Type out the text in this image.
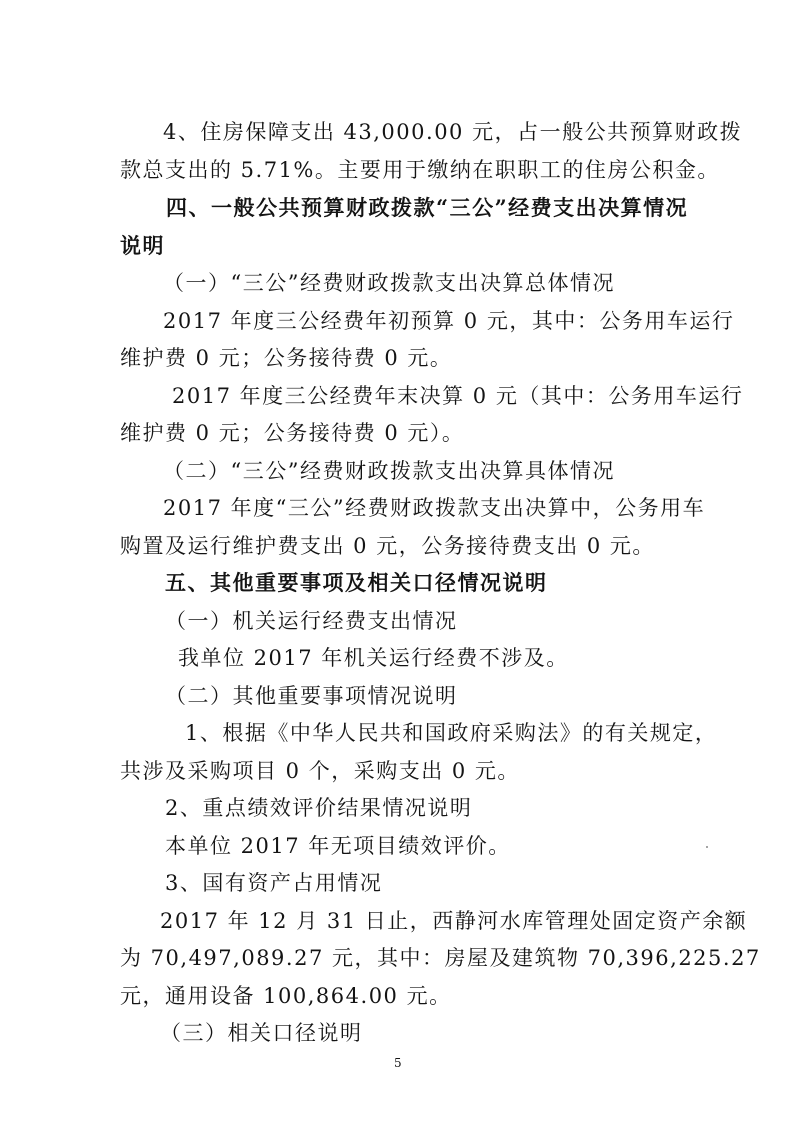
4、住房保障支出 43,000.00 元，占一般公共预算财政拨

款总支出的 5.71%。主要用于缴纳在职职工的住房公积金。

四、一般公共预算财政拨款“三公”经费支出决算情况

说明

（一）“三公”经费财政拨款支出决算总体情况

2017 年度三公经费年初预算 0 元，其中：公务用车运行

维护费 0 元；公务接待费 0 元。

2017 年度三公经费年末决算 0 元（其中：公务用车运行

维护费 0 元；公务接待费 0 元）。

（二）“三公”经费财政拨款支出决算具体情况

2017 年度“三公”经费财政拨款支出决算中，公务用车

购置及运行维护费支出 0 元，公务接待费支出 0 元。

五、其他重要事项及相关口径情况说明

（一）机关运行经费支出情况

我单位 2017 年机关运行经费不涉及。

（二）其他重要事项情况说明

1、根据《中华人民共和国政府采购法》的有关规定，

共涉及采购项目 0 个，采购支出 0 元。

2、重点绩效评价结果情况说明

本单位 2017 年无项目绩效评价。

3、国有资产占用情况

2017 年 12 月 31 日止，西静河水库管理处固定资产余额

为 70,497,089.27 元，其中：房屋及建筑物 70,396,225.27

元，通用设备 100,864.00 元。

（三）相关口径说明

5
